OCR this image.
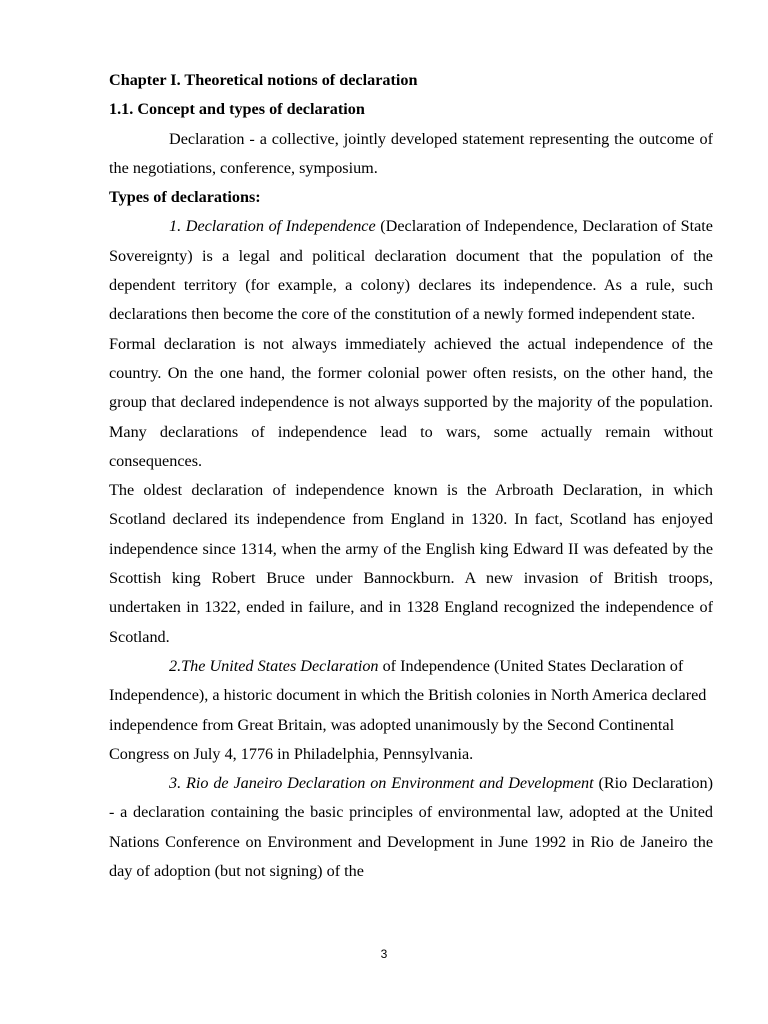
Chapter I. Theoretical notions of declaration

1.1. Concept and types of declaration

Declaration - a collective, jointly developed statement representing the outcome of the negotiations, conference, symposium.

Types of declarations:

1. Declaration of Independence (Declaration of Independence, Declaration of State Sovereignty) is a legal and political declaration document that the population of the dependent territory (for example, a colony) declares its independence. As a rule, such declarations then become the core of the constitution of a newly formed independent state.

Formal declaration is not always immediately achieved the actual independence of the country. On the one hand, the former colonial power often resists, on the other hand, the group that declared independence is not always supported by the majority of the population. Many declarations of independence lead to wars, some actually remain without consequences.

The oldest declaration of independence known is the Arbroath Declaration, in which Scotland declared its independence from England in 1320. In fact, Scotland has enjoyed independence since 1314, when the army of the English king Edward II was defeated by the Scottish king Robert Bruce under Bannockburn. A new invasion of British troops, undertaken in 1322, ended in failure, and in 1328 England recognized the independence of Scotland.

2.The United States Declaration of Independence (United States Declaration of Independence), a historic document in which the British colonies in North America declared independence from Great Britain, was adopted unanimously by the Second Continental Congress on July 4, 1776 in Philadelphia, Pennsylvania.

3. Rio de Janeiro Declaration on Environment and Development (Rio Declaration) - a declaration containing the basic principles of environmental law, adopted at the United Nations Conference on Environment and Development in June 1992 in Rio de Janeiro the day of adoption (but not signing) of the

3
